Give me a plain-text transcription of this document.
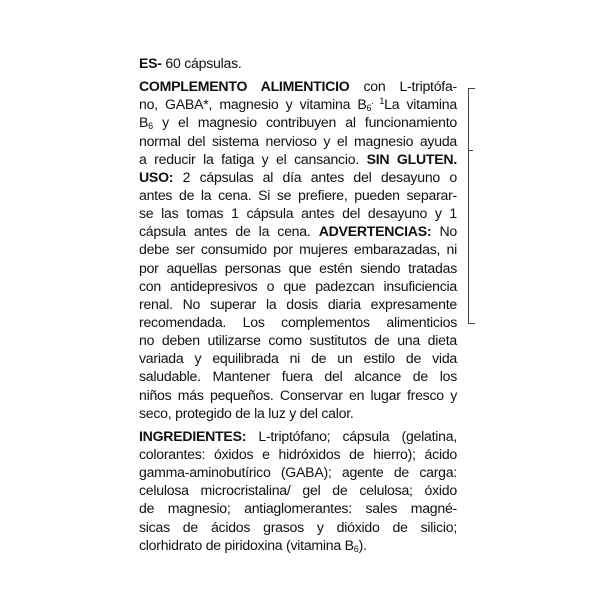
ES- 60 cápsulas.
COMPLEMENTO ALIMENTICIO con L-triptófa-
no, GABA*, magnesio y vitamina $B_6^{. 1}La$ vitamina
$B_6$ y el magnesio contribuyen al funcionamiento
normal del sistema nervioso y el magnesio ayuda
a reducir la fatiga y el cansancio. SIN GLUTEN.
USO: 2 cápsulas al día antes del desayuno o
antes de la cena. Si se prefiere, pueden separar-
se las tomas 1 cápsula antes del desayuno y 1
cápsula antes de la cena. ADVERTENCIAS: No
debe ser consumido por mujeres embarazadas, ni
por aquellas personas que estén siendo tratadas
con antidepresivos o que padezcan insuficiencia
renal. No superar la dosis diaria expresamente
recomendada. Los complementos alimenticios
no deben utilizarse como sustitutos de una dieta
variada y equilibrada ni de un estilo de vida
saludable. Mantener fuera del alcance de los
niños más pequeños. Conservar en lugar fresco y
seco, protegido de la luz y del calor.
INGREDIENTES: L-triptófano; cápsula (gelatina,
colorantes: óxidos e hidróxidos de hierro); ácido
gamma-aminobutírico (GABA); agente de carga:
celulosa microcristalina/ gel de celulosa; óxido
de magnesio; antiaglomerantes: sales magné-
sicas de ácidos grasos y dióxido de silicio;
clorhidrato de piridoxina (vitamina $B_6$).
